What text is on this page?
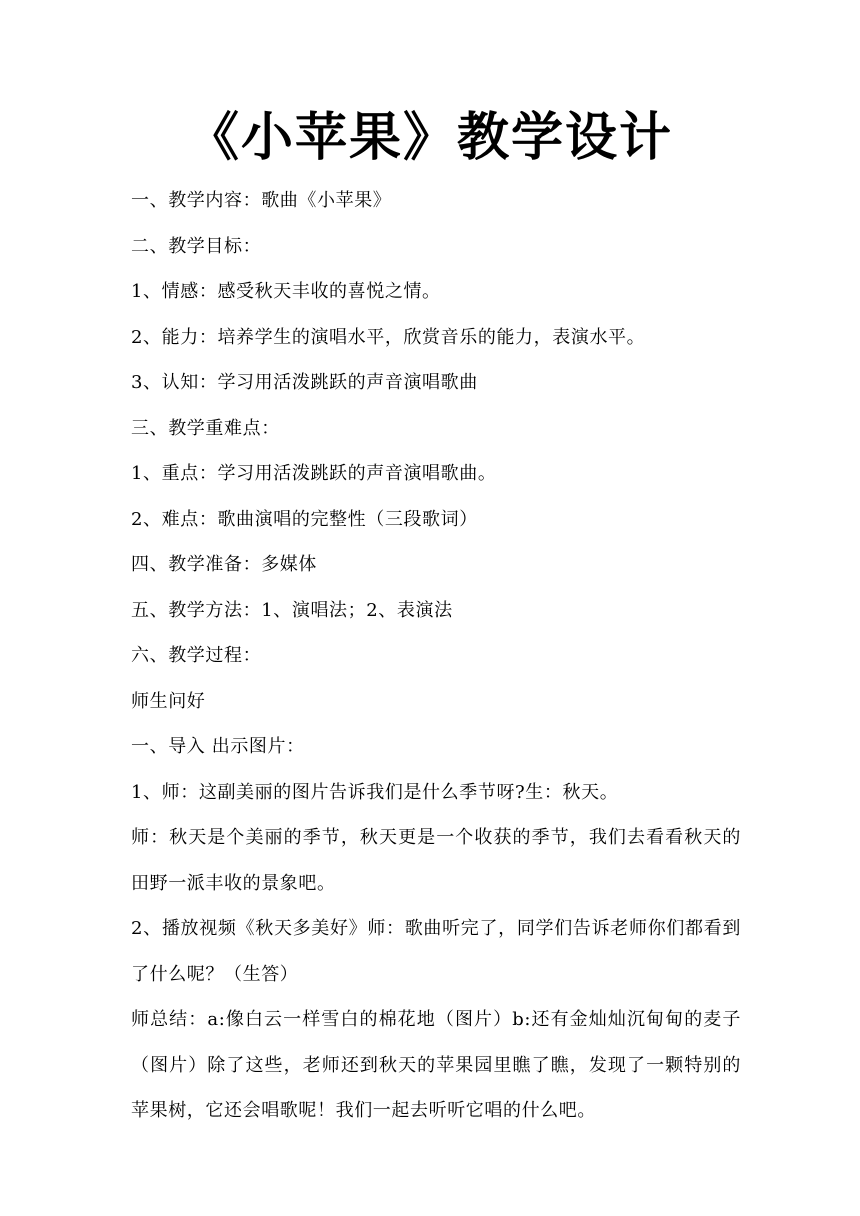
《小苹果》教学设计
一、教学内容：歌曲《小苹果》
二、教学目标：
1、情感：感受秋天丰收的喜悦之情。
2、能力：培养学生的演唱水平，欣赏音乐的能力，表演水平。
3、认知：学习用活泼跳跃的声音演唱歌曲
三、教学重难点：
1、重点：学习用活泼跳跃的声音演唱歌曲。
2、难点：歌曲演唱的完整性（三段歌词）
四、教学准备：多媒体
五、教学方法：1、演唱法；2、表演法
六、教学过程：
师生问好
一、导入 出示图片：
1、师：这副美丽的图片告诉我们是什么季节呀?生：秋天。
师：秋天是个美丽的季节，秋天更是一个收获的季节，我们去看看秋天的田野一派丰收的景象吧。
2、播放视频《秋天多美好》师：歌曲听完了，同学们告诉老师你们都看到了什么呢？（生答）
师总结：a:像白云一样雪白的棉花地（图片）b:还有金灿灿沉甸甸的麦子（图片）除了这些，老师还到秋天的苹果园里瞧了瞧，发现了一颗特别的苹果树，它还会唱歌呢！我们一起去听听它唱的什么吧。
